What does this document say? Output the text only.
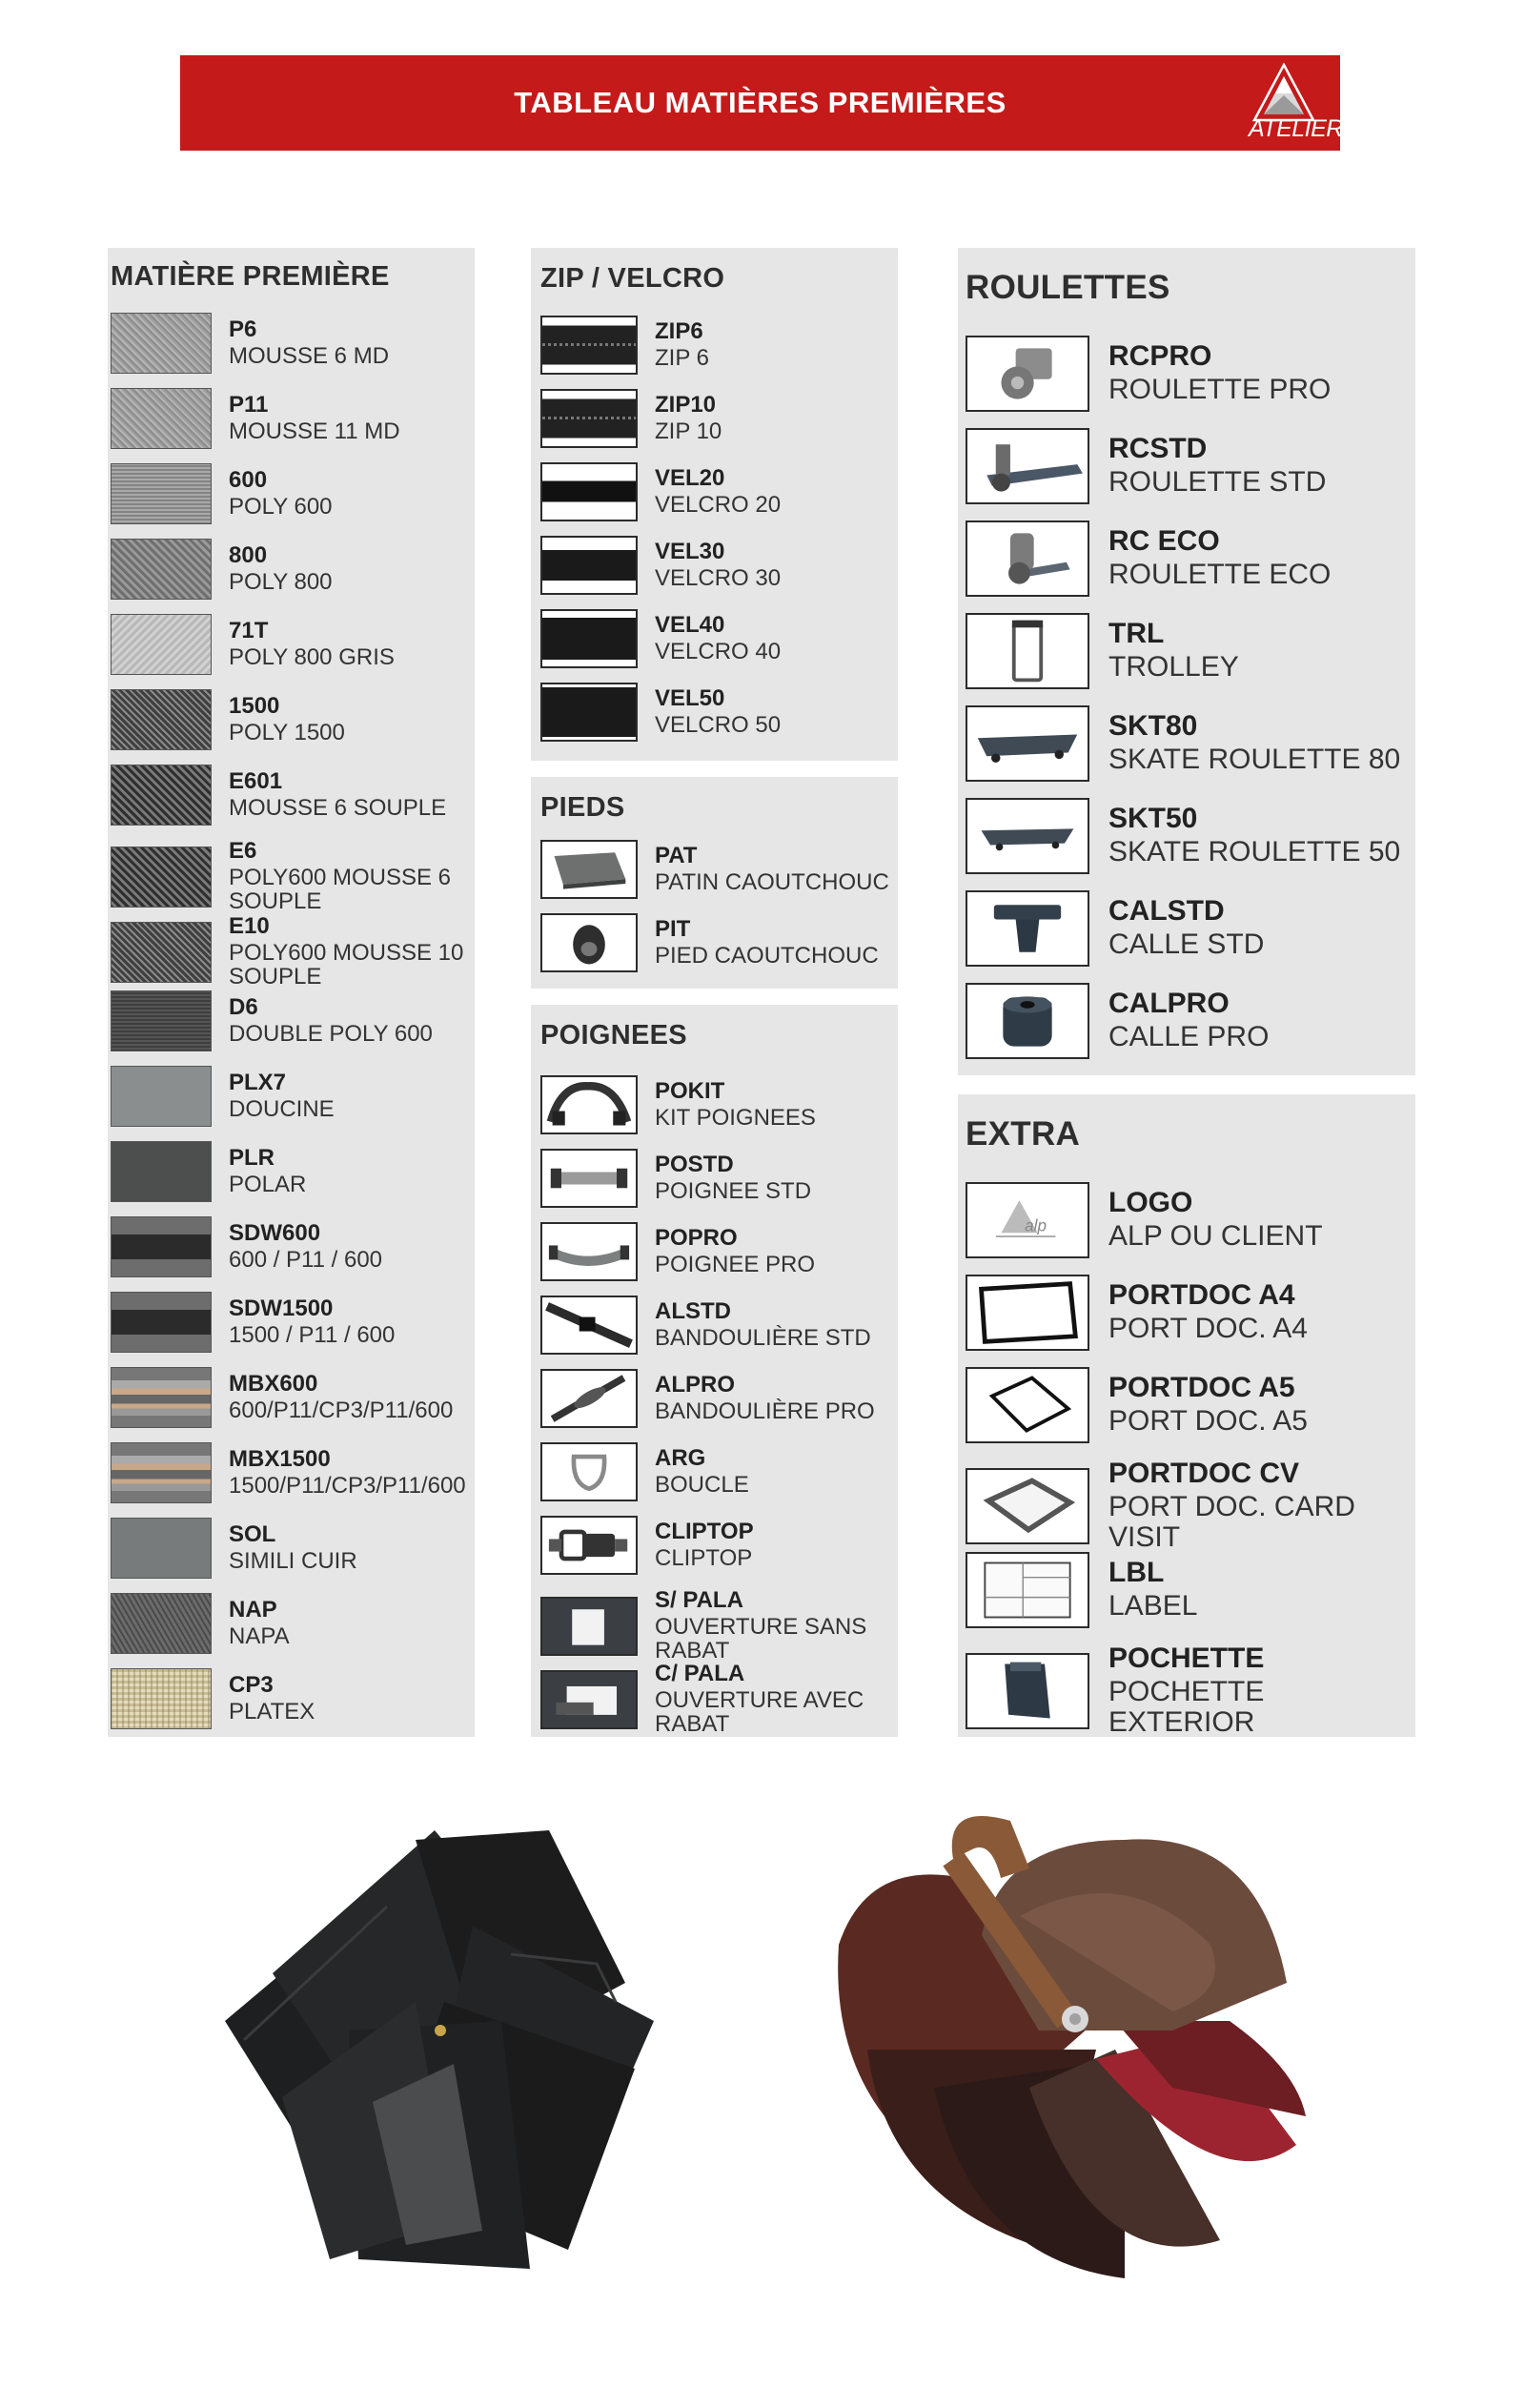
TABLEAU MATIÈRES PREMIÈRES
ATELIER
MATIÈRE PREMIÈRE
P6
MOUSSE 6 MD
P11
MOUSSE 11 MD
600
POLY 600
800
POLY 800
71T
POLY 800 GRIS
1500
POLY 1500
E601
MOUSSE 6 SOUPLE
E6
POLY600 MOUSSE 6 SOUPLE
E10
POLY600 MOUSSE 10 SOUPLE
D6
DOUBLE POLY 600
PLX7
DOUCINE
PLR
POLAR
SDW600
600 / P11 / 600
SDW1500
1500 / P11 / 600
MBX600
600/P11/CP3/P11/600
MBX1500
1500/P11/CP3/P11/600
SOL
SIMILI CUIR
NAP
NAPA
CP3
PLATEX
ZIP / VELCRO
ZIP6
ZIP 6
ZIP10
ZIP 10
VEL20
VELCRO 20
VEL30
VELCRO 30
VEL40
VELCRO 40
VEL50
VELCRO 50
PIEDS
PAT
PATIN CAOUTCHOUC
PIT
PIED CAOUTCHOUC
POIGNEES
POKIT
KIT POIGNEES
POSTD
POIGNEE STD
POPRO
POIGNEE PRO
ALSTD
BANDOULIÈRE STD
ALPRO
BANDOULIÈRE PRO
ARG
BOUCLE
CLIPTOP
CLIPTOP
S/ PALA
OUVERTURE SANS RABAT
C/ PALA
OUVERTURE AVEC RABAT
ROULETTES
RCPRO
ROULETTE PRO
RCSTD
ROULETTE STD
RC ECO
ROULETTE ECO
TRL
TROLLEY
SKT80
SKATE ROULETTE 80
SKT50
SKATE ROULETTE 50
CALSTD
CALLE STD
CALPRO
CALLE PRO
EXTRA
alp
LOGO
ALP OU CLIENT
PORTDOC A4
PORT DOC. A4
PORTDOC A5
PORT DOC. A5
PORTDOC CV
PORT DOC. CARD VISIT
LBL
LABEL
POCHETTE
POCHETTE EXTERIOR
